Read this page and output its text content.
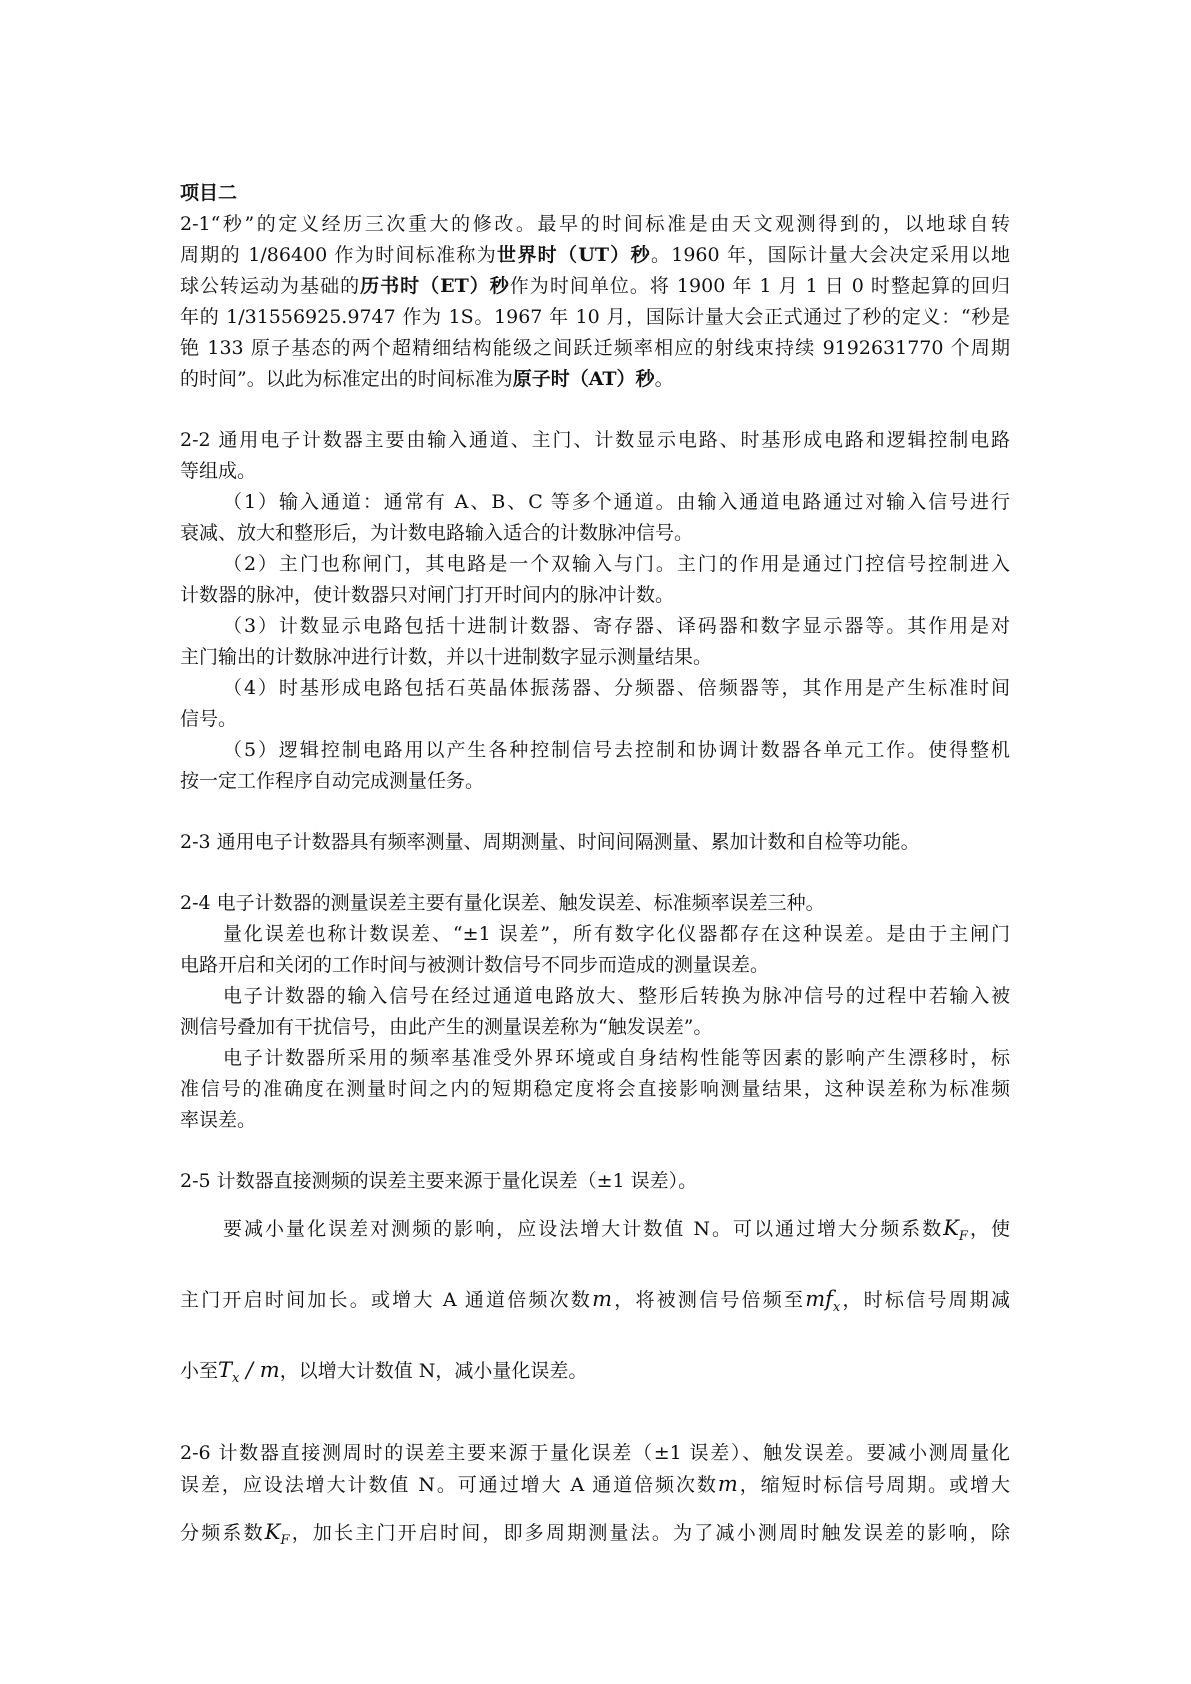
项目二
2-1“秒”的定义经历三次重大的修改。最早的时间标准是由天文观测得到的，以地球自转
周期的 1/86400 作为时间标准称为世界时（UT）秒。1960 年，国际计量大会决定采用以地
球公转运动为基础的历书时（ET）秒作为时间单位。将 1900 年 1 月 1 日 0 时整起算的回归
年的 1/31556925.9747 作为 1S。1967 年 10 月，国际计量大会正式通过了秒的定义：“秒是
铯 133 原子基态的两个超精细结构能级之间跃迁频率相应的射线束持续 9192631770 个周期
的时间”。以此为标准定出的时间标准为原子时（AT）秒。
2-2 通用电子计数器主要由输入通道、主门、计数显示电路、时基形成电路和逻辑控制电路
等组成。
（1）输入通道：通常有 A、B、C 等多个通道。由输入通道电路通过对输入信号进行
衰减、放大和整形后，为计数电路输入适合的计数脉冲信号。
（2）主门也称闸门，其电路是一个双输入与门。主门的作用是通过门控信号控制进入
计数器的脉冲，使计数器只对闸门打开时间内的脉冲计数。
（3）计数显示电路包括十进制计数器、寄存器、译码器和数字显示器等。其作用是对
主门输出的计数脉冲进行计数，并以十进制数字显示测量结果。
（4）时基形成电路包括石英晶体振荡器、分频器、倍频器等，其作用是产生标准时间
信号。
（5）逻辑控制电路用以产生各种控制信号去控制和协调计数器各单元工作。使得整机
按一定工作程序自动完成测量任务。
2-3 通用电子计数器具有频率测量、周期测量、时间间隔测量、累加计数和自检等功能。
2-4 电子计数器的测量误差主要有量化误差、触发误差、标准频率误差三种。
量化误差也称计数误差、“±1 误差”，所有数字化仪器都存在这种误差。是由于主闸门
电路开启和关闭的工作时间与被测计数信号不同步而造成的测量误差。
电子计数器的输入信号在经过通道电路放大、整形后转换为脉冲信号的过程中若输入被
测信号叠加有干扰信号，由此产生的测量误差称为“触发误差”。
电子计数器所采用的频率基准受外界环境或自身结构性能等因素的影响产生漂移时，标
准信号的准确度在测量时间之内的短期稳定度将会直接影响测量结果，这种误差称为标准频
率误差。
2-5 计数器直接测频的误差主要来源于量化误差（±1 误差）。
要减小量化误差对测频的影响，应设法增大计数值 N。可以通过增大分频系数$K_F$，使
主门开启时间加长。或增大 A 通道倍频次数m，将被测信号倍频至$mf_x$，时标信号周期减
小至$T_x$ / m，以增大计数值 N，减小量化误差。
2-6 计数器直接测周时的误差主要来源于量化误差（±1 误差）、触发误差。要减小测周量化
误差，应设法增大计数值 N。可通过增大 A 通道倍频次数m，缩短时标信号周期。或增大
分频系数$K_F$，加长主门开启时间，即多周期测量法。为了减小测周时触发误差的影响，除
